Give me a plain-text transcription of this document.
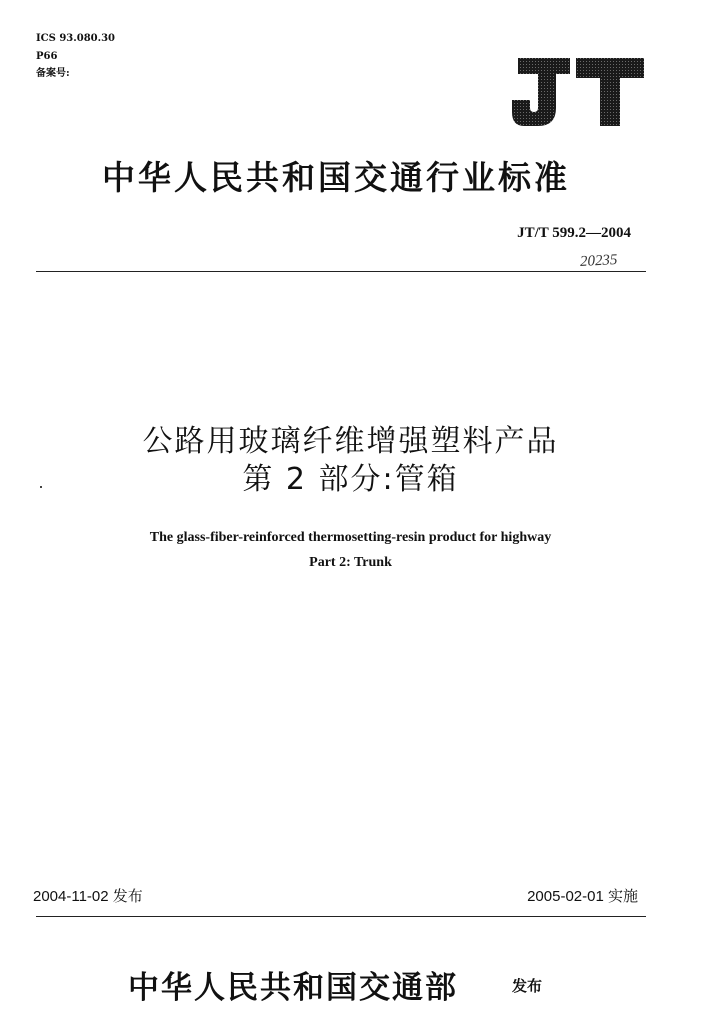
ICS 93.080.30
P66
备案号:
中华人民共和国交通行业标准
JT/T 599.2—2004
20235
公路用玻璃纤维增强塑料产品
第 2 部分:管箱
The glass-fiber-reinforced thermosetting-resin product for highway
Part 2: Trunk
2004-11-02 发布	2005-02-01 实施
中华人民共和国交通部	发布
